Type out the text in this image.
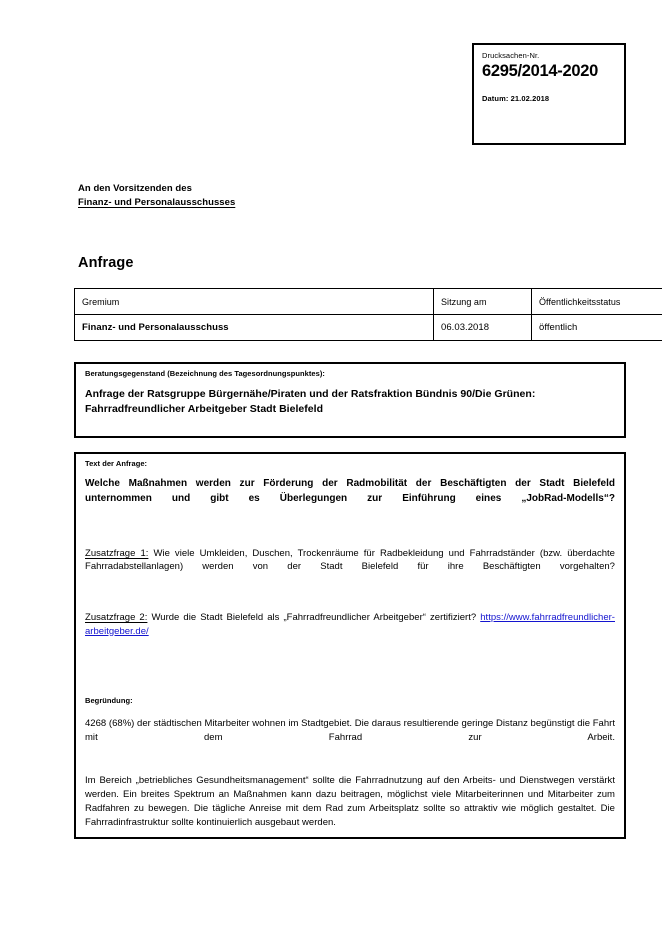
Drucksachen-Nr.
6295/2014-2020
Datum: 21.02.2018
An den Vorsitzenden des
Finanz- und Personalausschusses
Anfrage
Gremium	Sitzung am	Öffentlichkeitsstatus
Finanz- und Personalausschuss	06.03.2018	öffentlich
Beratungsgegenstand (Bezeichnung des Tagesordnungspunktes):
Anfrage der Ratsgruppe Bürgernähe/Piraten und der Ratsfraktion Bündnis 90/Die Grünen: Fahrradfreundlicher Arbeitgeber Stadt Bielefeld
Text der Anfrage:
Welche Maßnahmen werden zur Förderung der Radmobilität der Beschäftigten der Stadt Bielefeld unternommen und gibt es Überlegungen zur Einführung eines „JobRad-Modells“?
Zusatzfrage 1: Wie viele Umkleiden, Duschen, Trockenräume für Radbekleidung und Fahrradständer (bzw. überdachte Fahrradabstellanlagen) werden von der Stadt Bielefeld für ihre Beschäftigten vorgehalten?
Zusatzfrage 2: Wurde die Stadt Bielefeld als „Fahrradfreundlicher Arbeitgeber“ zertifiziert? https://www.fahrradfreundlicher-arbeitgeber.de/
Begründung:
4268 (68%) der städtischen Mitarbeiter wohnen im Stadtgebiet. Die daraus resultierende geringe Distanz begünstigt die Fahrt mit dem Fahrrad zur Arbeit.
Im Bereich „betriebliches Gesundheitsmanagement“ sollte die Fahrradnutzung auf den Arbeits- und Dienstwegen verstärkt werden. Ein breites Spektrum an Maßnahmen kann dazu beitragen, möglichst viele Mitarbeiterinnen und Mitarbeiter zum Radfahren zu bewegen. Die tägliche Anreise mit dem Rad zum Arbeitsplatz sollte so attraktiv wie möglich gestaltet. Die Fahrradinfrastruktur sollte kontinuierlich ausgebaut werden.
